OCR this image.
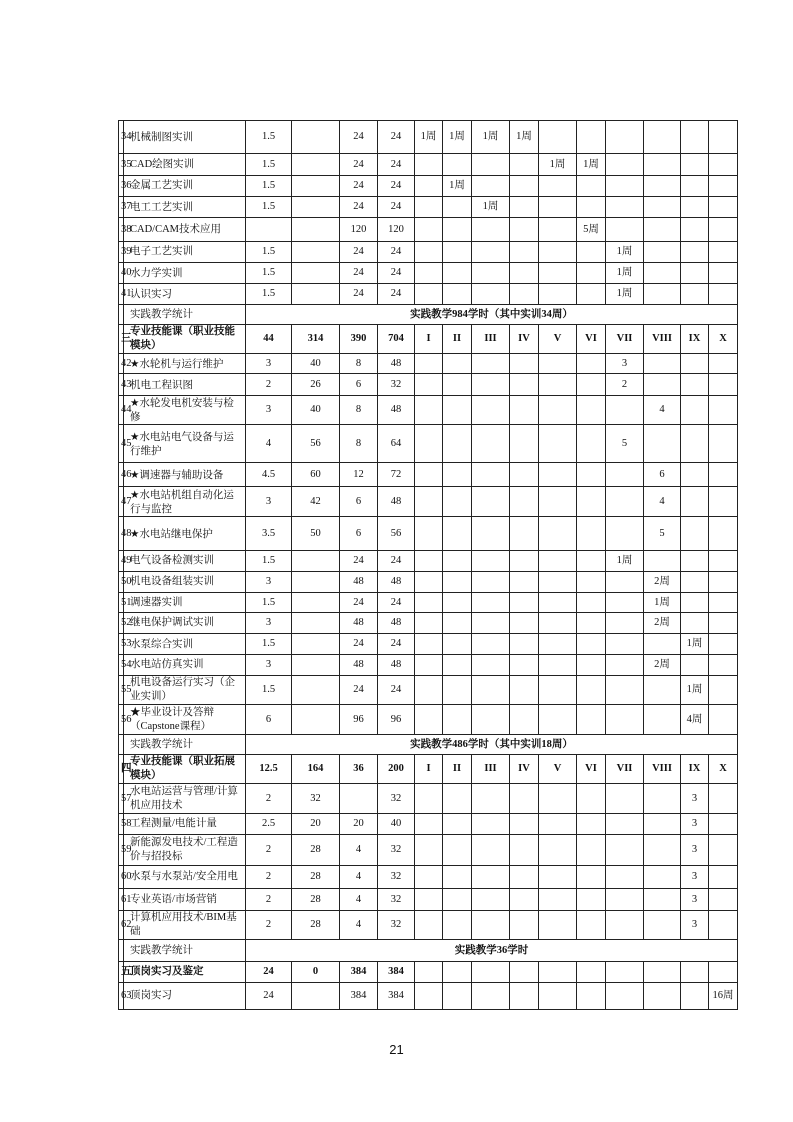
34	机械制图实训	1.5		24	24	1周	1周	1周	1周						
35	CAD绘图实训	1.5		24	24					1周	1周				
36	金属工艺实训	1.5		24	24		1周								
37	电工工艺实训	1.5		24	24			1周							
38	CAD/CAM技术应用			120	120						5周				
39	电子工艺实训	1.5		24	24							1周			
40	水力学实训	1.5		24	24							1周			
41	认识实习	1.5		24	24							1周			
	实践教学统计	实践教学984学时（其中实训34周）													
三	专业技能课（职业技能模块）	44	314	390	704	I	II	III	IV	V	VI	VII	VIII	IX	X
42	★水轮机与运行维护	3	40	8	48							3			
43	机电工程识图	2	26	6	32							2			
44	★水轮发电机安装与检修	3	40	8	48								4		
45	★水电站电气设备与运行维护	4	56	8	64							5			
46	★调速器与辅助设备	4.5	60	12	72								6		
47	★水电站机组自动化运行与监控	3	42	6	48								4		
48	★水电站继电保护	3.5	50	6	56								5		
49	电气设备检测实训	1.5		24	24							1周			
50	机电设备组装实训	3		48	48								2周		
51	调速器实训	1.5		24	24								1周		
52	继电保护调试实训	3		48	48								2周		
53	水泵综合实训	1.5		24	24									1周	
54	水电站仿真实训	3		48	48								2周		
55	机电设备运行实习（企业实训）	1.5		24	24									1周	
56	★毕业设计及答辩（Capstone课程）	6		96	96									4周	
	实践教学统计	实践教学486学时（其中实训18周）													
四	专业技能课（职业拓展模块）	12.5	164	36	200	I	II	III	IV	V	VI	VII	VIII	IX	X
57	水电站运营与管理/计算机应用技术	2	32		32									3	
58	工程测量/电能计量	2.5	20	20	40									3	
59	新能源发电技术/工程造价与招投标	2	28	4	32									3	
60	水泵与水泵站/安全用电	2	28	4	32									3	
61	专业英语/市场营销	2	28	4	32									3	
62	计算机应用技术/BIM基础	2	28	4	32									3	
	实践教学统计	实践教学36学时													
五	顶岗实习及鉴定	24	0	384	384										
63	顶岗实习	24		384	384										16周
21
